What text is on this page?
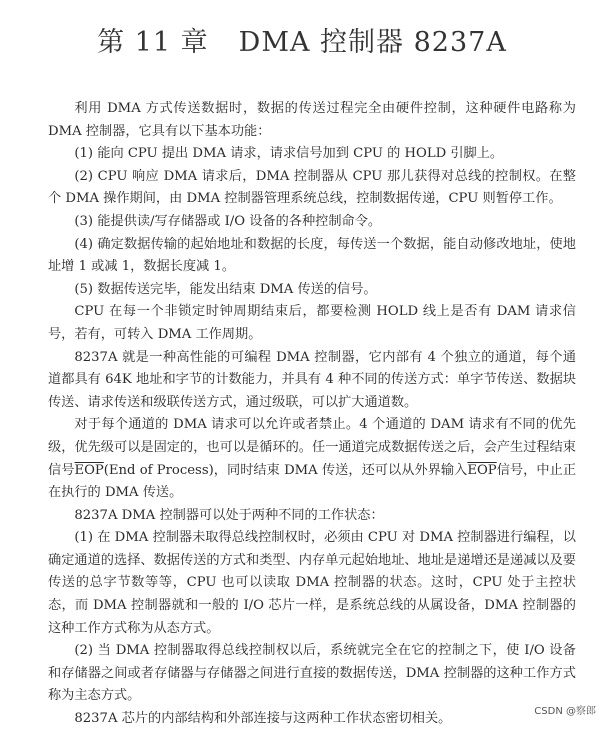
第 11 章 DMA 控制器 8237A

利用 DMA 方式传送数据时，数据的传送过程完全由硬件控制，这种硬件电路称为 DMA 控制器，它具有以下基本功能：

(1) 能向 CPU 提出 DMA 请求，请求信号加到 CPU 的 HOLD 引脚上。

(2) CPU 响应 DMA 请求后，DMA 控制器从 CPU 那儿获得对总线的控制权。在整个 DMA 操作期间，由 DMA 控制器管理系统总线，控制数据传递，CPU 则暂停工作。

(3) 能提供读/写存储器或 I/O 设备的各种控制命令。

(4) 确定数据传输的起始地址和数据的长度，每传送一个数据，能自动修改地址，使地址增 1 或减 1，数据长度减 1。

(5) 数据传送完毕，能发出结束 DMA 传送的信号。

CPU 在每一个非锁定时钟周期结束后，都要检测 HOLD 线上是否有 DAM 请求信号，若有，可转入 DMA 工作周期。

8237A 就是一种高性能的可编程 DMA 控制器，它内部有 4 个独立的通道，每个通道都具有 64K 地址和字节的计数能力，并具有 4 种不同的传送方式：单字节传送、数据块传送、请求传送和级联传送方式，通过级联，可以扩大通道数。

对于每个通道的 DMA 请求可以允许或者禁止。4 个通道的 DAM 请求有不同的优先级，优先级可以是固定的，也可以是循环的。任一通道完成数据传送之后，会产生过程结束信号$\overline{EOP}(End$ of Process)，同时结束 DMA 传送，还可以从外界输入$\overline{EOP}$信号，中止正在执行的 DMA 传送。

8237A DMA 控制器可以处于两种不同的工作状态：

(1) 在 DMA 控制器未取得总线控制权时，必须由 CPU 对 DMA 控制器进行编程，以确定通道的选择、数据传送的方式和类型、内存单元起始地址、地址是递增还是递减以及要传送的总字节数等等，CPU 也可以读取 DMA 控制器的状态。这时，CPU 处于主控状态，而 DMA 控制器就和一般的 I/O 芯片一样，是系统总线的从属设备，DMA 控制器的这种工作方式称为从态方式。

(2) 当 DMA 控制器取得总线控制权以后，系统就完全在它的控制之下，使 I/O 设备和存储器之间或者存储器与存储器之间进行直接的数据传送，DMA 控制器的这种工作方式称为主态方式。

8237A 芯片的内部结构和外部连接与这两种工作状态密切相关。	CSDN @察郎
